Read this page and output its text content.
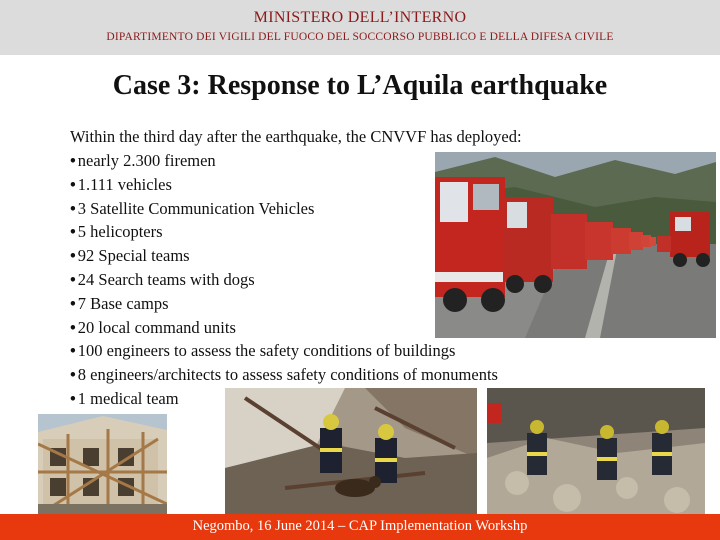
MINISTERO DELL’INTERNO
DIPARTIMENTO DEI VIGILI DEL FUOCO DEL SOCCORSO PUBBLICO E DELLA DIFESA CIVILE
Case 3: Response to L’Aquila earthquake
Within the third day after the earthquake, the CNVVF has deployed:
• nearly 2.300 firemen
• 1.111 vehicles
• 3 Satellite Communication Vehicles
• 5 helicopters
• 92 Special teams
• 24 Search teams with dogs
• 7 Base camps
• 20 local command units
• 100 engineers to assess the safety conditions of buildings
• 8 engineers/architects to assess safety conditions of monuments
• 1 medical team
Negombo, 16 June 2014 – CAP Implementation Workshp
